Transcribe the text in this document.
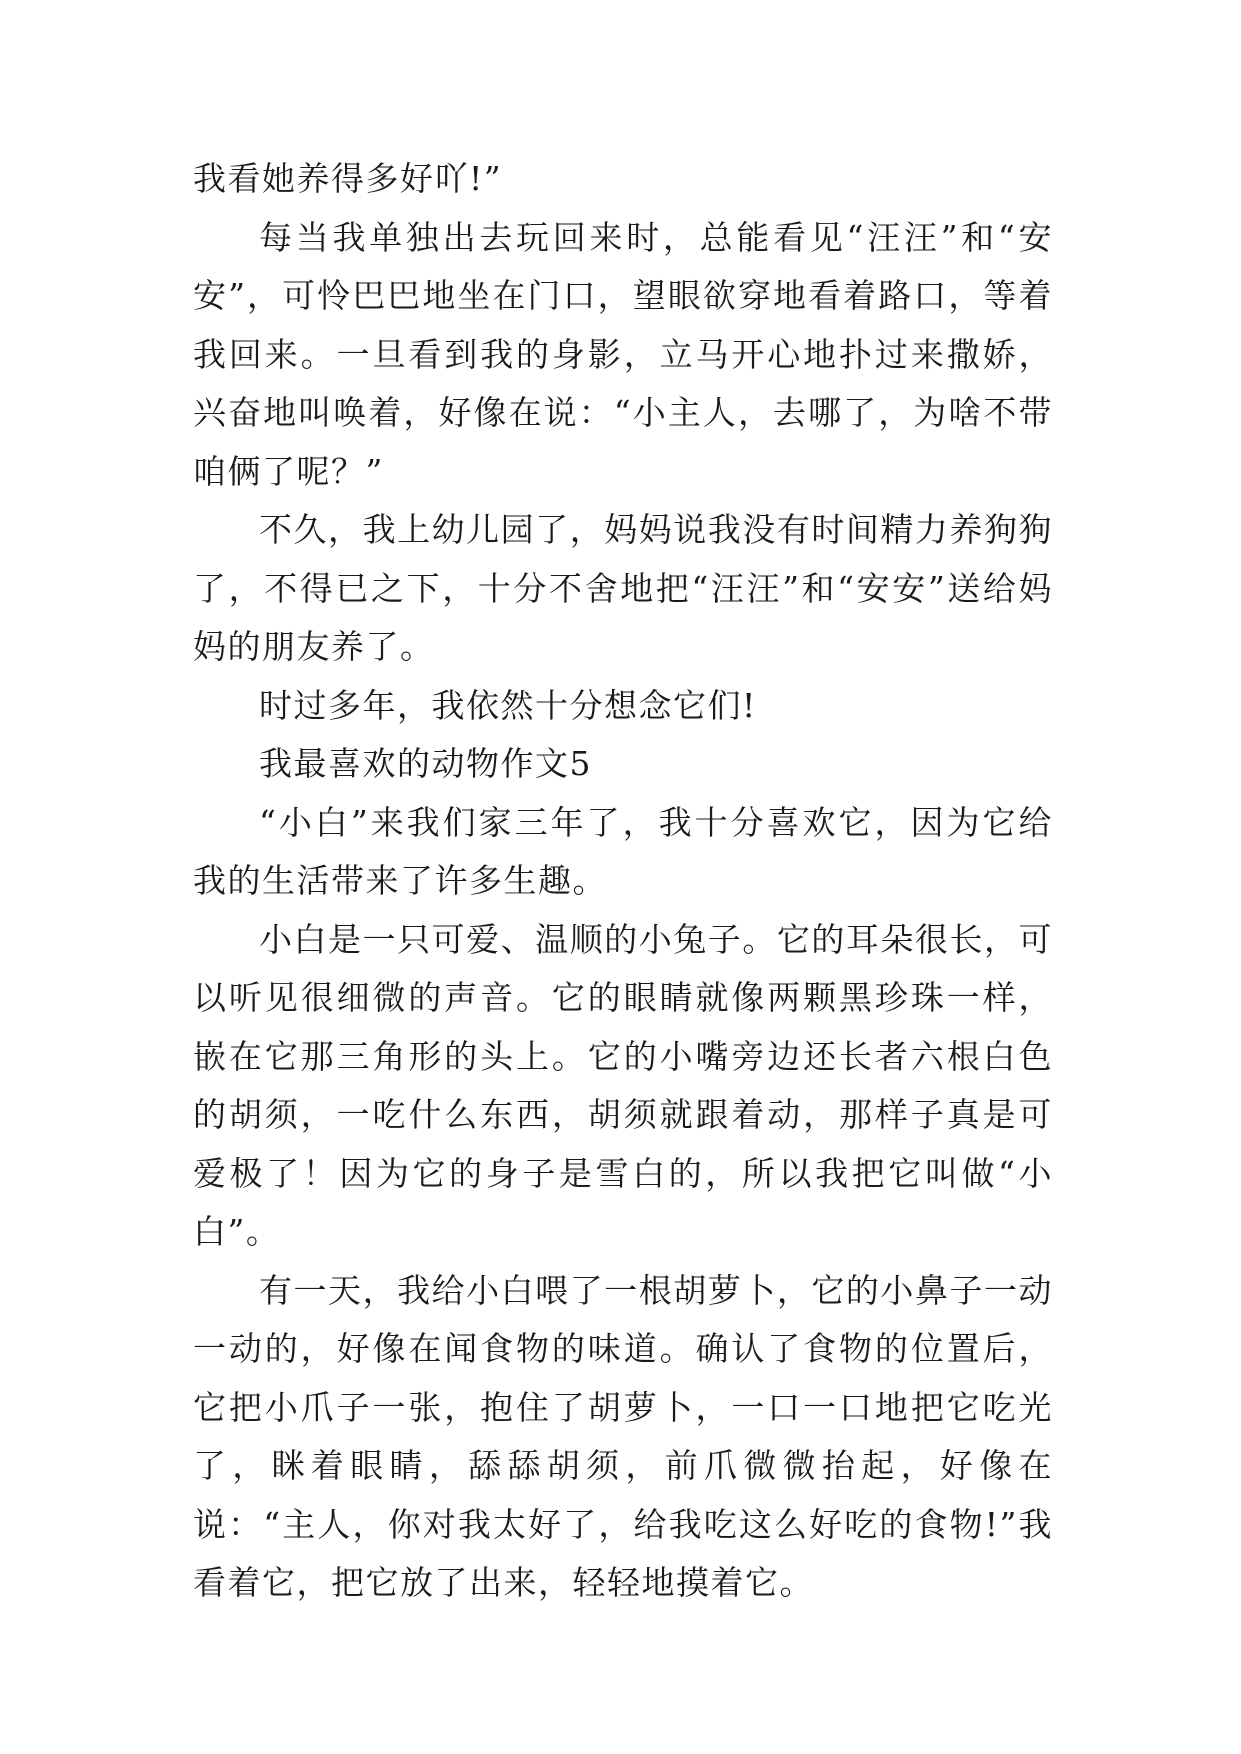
我看她养得多好吖!”

每当我单独出去玩回来时，总能看见“汪汪”和“安安”，可怜巴巴地坐在门口，望眼欲穿地看着路口，等着我回来。一旦看到我的身影，立马开心地扑过来撒娇，兴奋地叫唤着，好像在说：“小主人，去哪了，为啥不带咱俩了呢？”

不久，我上幼儿园了，妈妈说我没有时间精力养狗狗了，不得已之下，十分不舍地把“汪汪”和“安安”送给妈妈的朋友养了。

时过多年，我依然十分想念它们!

我最喜欢的动物作文5

“小白”来我们家三年了，我十分喜欢它，因为它给我的生活带来了许多生趣。

小白是一只可爱、温顺的小兔子。它的耳朵很长，可以听见很细微的声音。它的眼睛就像两颗黑珍珠一样，嵌在它那三角形的头上。它的小嘴旁边还长者六根白色的胡须，一吃什么东西，胡须就跟着动，那样子真是可爱极了！因为它的身子是雪白的，所以我把它叫做“小白”。

有一天，我给小白喂了一根胡萝卜，它的小鼻子一动一动的，好像在闻食物的味道。确认了食物的位置后，它把小爪子一张，抱住了胡萝卜，一口一口地把它吃光了，眯着眼睛，舔舔胡须，前爪微微抬起，好像在说：“主人，你对我太好了，给我吃这么好吃的食物!”我看着它，把它放了出来，轻轻地摸着它。
